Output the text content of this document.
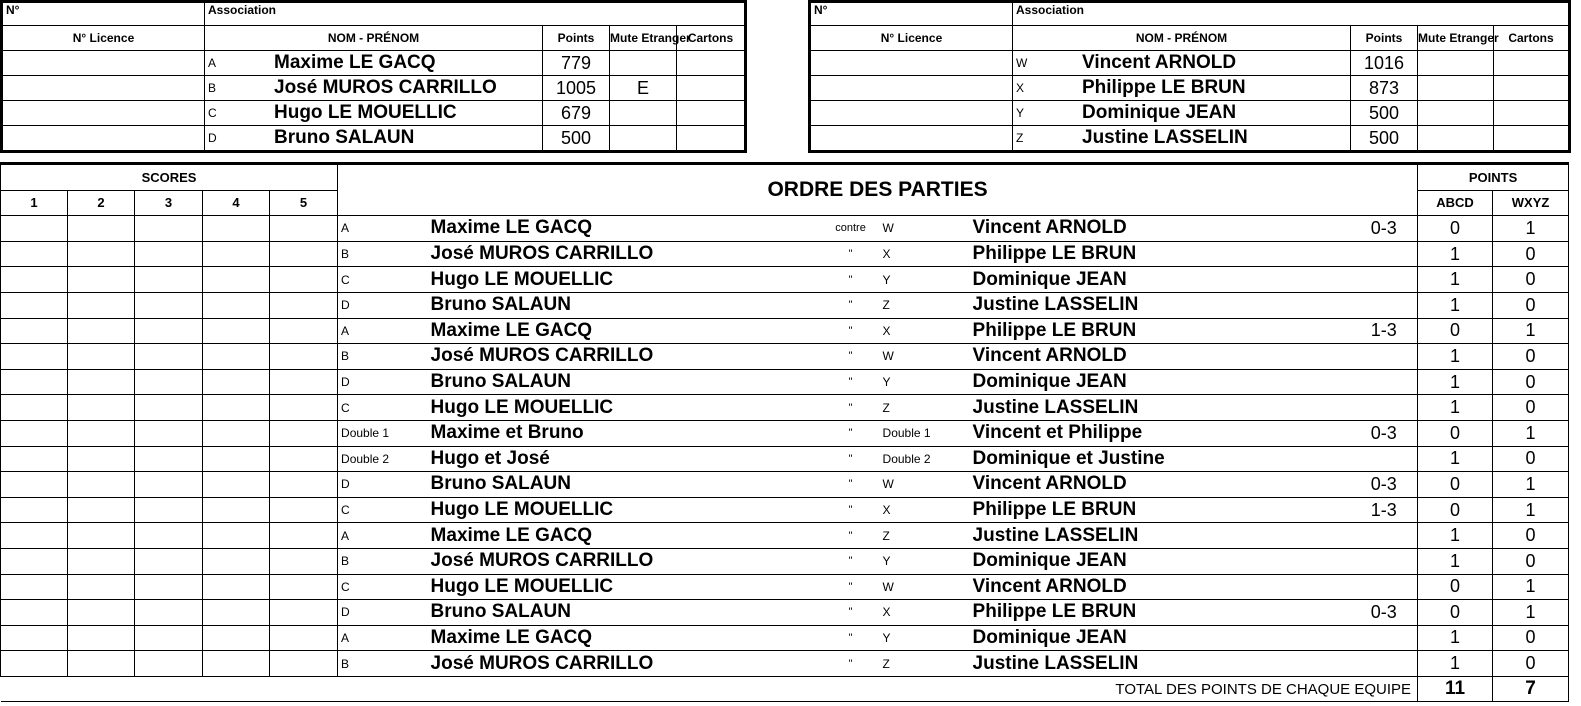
N°	Association			
N° Licence	NOM - PRÉNOM	Points	Mute Etranger	Cartons

	A Maxime LE GACQ	779		

	B José MUROS CARRILLO	1005	E	

	C Hugo LE MOUELLIC	679		

	D Bruno SALAUN	500		
N°	Association			
N° Licence	NOM - PRÉNOM	Points	Mute Etranger	Cartons

	W Vincent ARNOLD	1016		

	X Philippe LE BRUN	873		

	Y Dominique JEAN	500		

	Z Justine LASSELIN	500		
SCORES					ORDRE DES PARTIES						POINTS	
1	2	3	4	5							ABCD	WXYZ
					A	Maxime LE GACQ	contre	W	Vincent ARNOLD	0-3	0	1
					B	José MUROS CARRILLO	"	X	Philippe LE BRUN		1	0
					C	Hugo LE MOUELLIC	"	Y	Dominique JEAN		1	0
					D	Bruno SALAUN	"	Z	Justine LASSELIN		1	0
					A	Maxime LE GACQ	"	X	Philippe LE BRUN	1-3	0	1
					B	José MUROS CARRILLO	"	W	Vincent ARNOLD		1	0
					D	Bruno SALAUN	"	Y	Dominique JEAN		1	0
					C	Hugo LE MOUELLIC	"	Z	Justine LASSELIN		1	0
					Double 1	Maxime et Bruno	"	Double 1	Vincent et Philippe	0-3	0	1
					Double 2	Hugo et José	"	Double 2	Dominique et Justine		1	0
					D	Bruno SALAUN	"	W	Vincent ARNOLD	0-3	0	1
					C	Hugo LE MOUELLIC	"	X	Philippe LE BRUN	1-3	0	1
					A	Maxime LE GACQ	"	Z	Justine LASSELIN		1	0
					B	José MUROS CARRILLO	"	Y	Dominique JEAN		1	0
					C	Hugo LE MOUELLIC	"	W	Vincent ARNOLD		0	1
					D	Bruno SALAUN	"	X	Philippe LE BRUN	0-3	0	1
					A	Maxime LE GACQ	"	Y	Dominique JEAN		1	0
					B	José MUROS CARRILLO	"	Z	Justine LASSELIN		1	0
TOTAL DES POINTS DE CHAQUE EQUIPE											11	7
